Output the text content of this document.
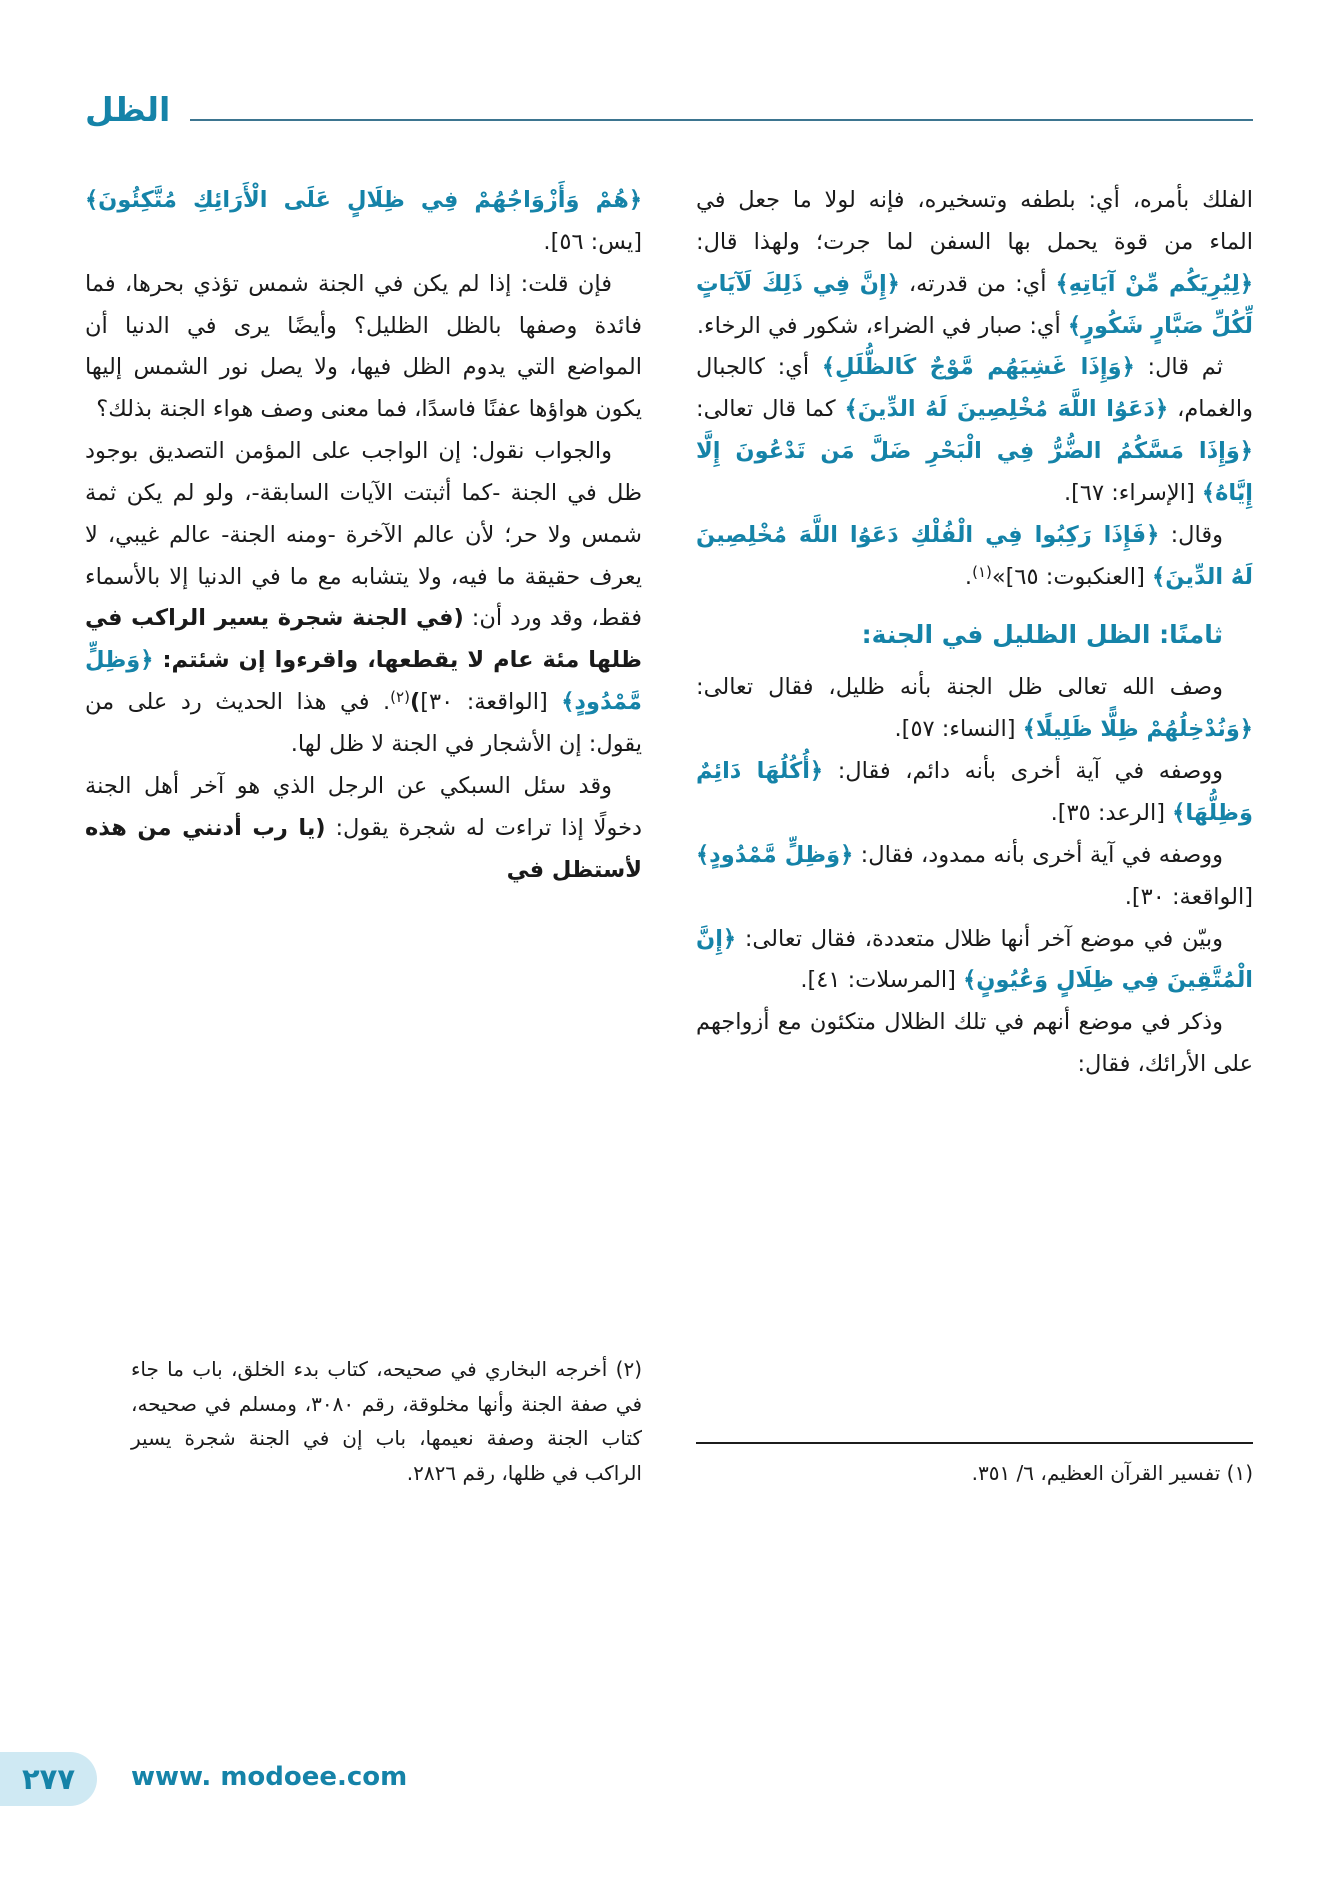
الظل

الفلك بأمره، أي: بلطفه وتسخيره، فإنه لولا ما جعل في الماء من قوة يحمل بها السفن لما جرت؛ ولهذا قال: ﴿لِيُرِيَكُم مِّنْ آيَاتِهِ﴾ أي: من قدرته، ﴿إِنَّ فِي ذَلِكَ لَآيَاتٍ لِّكُلِّ صَبَّارٍ شَكُورٍ﴾ أي: صبار في الضراء، شكور في الرخاء.

ثم قال: ﴿وَإِذَا غَشِيَهُم مَّوْجٌ كَالظُّلَلِ﴾ أي: كالجبال والغمام، ﴿دَعَوُا اللَّهَ مُخْلِصِينَ لَهُ الدِّينَ﴾ كما قال تعالى: ﴿وَإِذَا مَسَّكُمُ الضُّرُّ فِي الْبَحْرِ ضَلَّ مَن تَدْعُونَ إِلَّا إِيَّاهُ﴾ [الإسراء: ٦٧].

وقال: ﴿فَإِذَا رَكِبُوا فِي الْفُلْكِ دَعَوُا اللَّهَ مُخْلِصِينَ لَهُ الدِّينَ﴾ [العنكبوت: ٦٥]»$^{(١)}$.

ثامنًا: الظل الظليل في الجنة:

وصف الله تعالى ظل الجنة بأنه ظليل، فقال تعالى: ﴿وَنُدْخِلُهُمْ ظِلًّا ظَلِيلًا﴾ [النساء: ٥٧].

ووصفه في آية أخرى بأنه دائم، فقال: ﴿أُكُلُهَا دَائِمٌ وَظِلُّهَا﴾ [الرعد: ٣٥].

ووصفه في آية أخرى بأنه ممدود، فقال: ﴿وَظِلٍّ مَّمْدُودٍ﴾ [الواقعة: ٣٠].

وبيّن في موضع آخر أنها ظلال متعددة، فقال تعالى: ﴿إِنَّ الْمُتَّقِينَ فِي ظِلَالٍ وَعُيُونٍ﴾ [المرسلات: ٤١].

وذكر في موضع أنهم في تلك الظلال متكئون مع أزواجهم على الأرائك، فقال:

(١) تفسير القرآن العظيم، ٦/ ٣٥١.

﴿هُمْ وَأَزْوَاجُهُمْ فِي ظِلَالٍ عَلَى الْأَرَائِكِ مُتَّكِئُونَ﴾ [يس: ٥٦].

فإن قلت: إذا لم يكن في الجنة شمس تؤذي بحرها، فما فائدة وصفها بالظل الظليل؟ وأيضًا يرى في الدنيا أن المواضع التي يدوم الظل فيها، ولا يصل نور الشمس إليها يكون هواؤها عفنًا فاسدًا، فما معنى وصف هواء الجنة بذلك؟

والجواب نقول: إن الواجب على المؤمن التصديق بوجود ظل في الجنة -كما أثبتت الآيات السابقة-، ولو لم يكن ثمة شمس ولا حر؛ لأن عالم الآخرة -ومنه الجنة- عالم غيبي، لا يعرف حقيقة ما فيه، ولا يتشابه مع ما في الدنيا إلا بالأسماء فقط، وقد ورد أن: (في الجنة شجرة يسير الراكب في ظلها مئة عام لا يقطعها، واقرءوا إن شئتم: ﴿وَظِلٍّ مَّمْدُودٍ﴾ [الواقعة: ٣٠])$^{(٢)}$. في هذا الحديث رد على من يقول: إن الأشجار في الجنة لا ظل لها.

وقد سئل السبكي عن الرجل الذي هو آخر أهل الجنة دخولًا إذا تراءت له شجرة يقول: (يا رب أدنني من هذه لأستظل في

(٢) أخرجه البخاري في صحيحه، كتاب بدء الخلق، باب ما جاء في صفة الجنة وأنها مخلوقة، رقم ٣٠٨٠، ومسلم في صحيحه، كتاب الجنة وصفة نعيمها، باب إن في الجنة شجرة يسير الراكب في ظلها، رقم ٢٨٢٦.

٢٧٧ www. modoee.com
